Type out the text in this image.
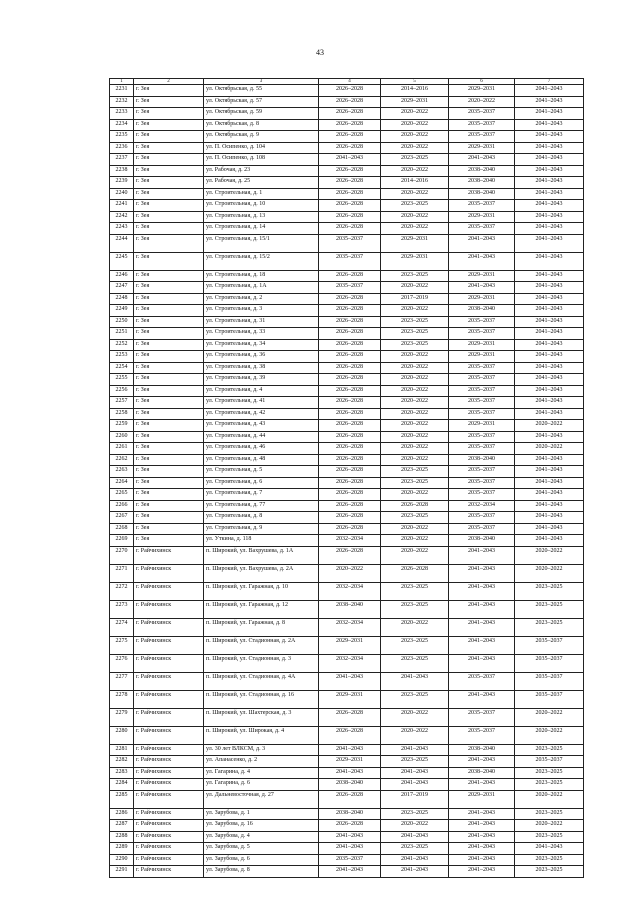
43
1	2	3	4	5	6	7
2231	г. Зея	ул. Октябрьская, д. 55	2026–2028	2014–2016	2029–2031	2041–2043
2232	г. Зея	ул. Октябрьская, д. 57	2026–2028	2029–2031	2020–2022	2041–2043
2233	г. Зея	ул. Октябрьская, д. 59	2026–2028	2020–2022	2035–2037	2041–2043
2234	г. Зея	ул. Октябрьская, д. 8	2026–2028	2020–2022	2035–2037	2041–2043
2235	г. Зея	ул. Октябрьская, д. 9	2026–2028	2020–2022	2035–2037	2041–2043
2236	г. Зея	ул. П. Осипенко, д. 104	2026–2028	2020–2022	2029–2031	2041–2043
2237	г. Зея	ул. П. Осипенко, д. 108	2041–2043	2023–2025	2041–2043	2041–2043
2238	г. Зея	ул. Рабочая, д. 23	2026–2028	2020–2022	2038–2040	2041–2043
2239	г. Зея	ул. Рабочая, д. 25	2026–2028	2014–2016	2038–2040	2041–2043
2240	г. Зея	ул. Строительная, д. 1	2026–2028	2020–2022	2038–2040	2041–2043
2241	г. Зея	ул. Строительная, д. 10	2026–2028	2023–2025	2035–2037	2041–2043
2242	г. Зея	ул. Строительная, д. 13	2026–2028	2020–2022	2029–2031	2041–2043
2243	г. Зея	ул. Строительная, д. 14	2026–2028	2020–2022	2035–2037	2041–2043
2244	г. Зея	ул. Строительная, д. 15/1	2035–2037	2029–2031	2041–2043	2041–2043
2245	г. Зея	ул. Строительная, д. 15/2	2035–2037	2029–2031	2041–2043	2041–2043
2246	г. Зея	ул. Строительная, д. 18	2026–2028	2023–2025	2029–2031	2041–2043
2247	г. Зея	ул. Строительная, д. 1А	2035–2037	2020–2022	2041–2043	2041–2043
2248	г. Зея	ул. Строительная, д. 2	2026–2028	2017–2019	2029–2031	2041–2043
2249	г. Зея	ул. Строительная, д. 3	2026–2028	2020–2022	2038–2040	2041–2043
2250	г. Зея	ул. Строительная, д. 31	2026–2028	2023–2025	2035–2037	2041–2043
2251	г. Зея	ул. Строительная, д. 33	2026–2028	2023–2025	2035–2037	2041–2043
2252	г. Зея	ул. Строительная, д. 34	2026–2028	2023–2025	2029–2031	2041–2043
2253	г. Зея	ул. Строительная, д. 36	2026–2028	2020–2022	2029–2031	2041–2043
2254	г. Зея	ул. Строительная, д. 38	2026–2028	2020–2022	2035–2037	2041–2043
2255	г. Зея	ул. Строительная, д. 39	2026–2028	2020–2022	2035–2037	2041–2043
2256	г. Зея	ул. Строительная, д. 4	2026–2028	2020–2022	2035–2037	2041–2043
2257	г. Зея	ул. Строительная, д. 41	2026–2028	2020–2022	2035–2037	2041–2043
2258	г. Зея	ул. Строительная, д. 42	2026–2028	2020–2022	2035–2037	2041–2043
2259	г. Зея	ул. Строительная, д. 43	2026–2028	2020–2022	2029–2031	2020–2022
2260	г. Зея	ул. Строительная, д. 44	2026–2028	2020–2022	2035–2037	2041–2043
2261	г. Зея	ул. Строительная, д. 46	2026–2028	2020–2022	2035–2037	2020–2022
2262	г. Зея	ул. Строительная, д. 48	2026–2028	2020–2022	2038–2040	2041–2043
2263	г. Зея	ул. Строительная, д. 5	2026–2028	2023–2025	2035–2037	2041–2043
2264	г. Зея	ул. Строительная, д. 6	2026–2028	2023–2025	2035–2037	2041–2043
2265	г. Зея	ул. Строительная, д. 7	2026–2028	2020–2022	2035–2037	2041–2043
2266	г. Зея	ул. Строительная, д. 77	2026–2028	2026–2028	2032–2034	2041–2043
2267	г. Зея	ул. Строительная, д. 8	2026–2028	2023–2025	2035–2037	2041–2043
2268	г. Зея	ул. Строительная, д. 9	2026–2028	2020–2022	2035–2037	2041–2043
2269	г. Зея	ул. Уткина, д. 118	2032–2034	2020–2022	2038–2040	2041–2043
2270	г. Райчихинск	п. Широкий, ул. Вахрушева, д. 1А	2026–2028	2020–2022	2041–2043	2020–2022
2271	г. Райчихинск	п. Широкий, ул. Вахрушева, д. 2А	2020–2022	2026–2028	2041–2043	2020–2022
2272	г. Райчихинск	п. Широкий, ул. Гаражная, д. 10	2032–2034	2023–2025	2041–2043	2023–2025
2273	г. Райчихинск	п. Широкий, ул. Гаражная, д. 12	2038–2040	2023–2025	2041–2043	2023–2025
2274	г. Райчихинск	п. Широкий, ул. Гаражная, д. 8	2032–2034	2020–2022	2041–2043	2023–2025
2275	г. Райчихинск	п. Широкий, ул. Стадионная, д. 2А	2029–2031	2023–2025	2041–2043	2035–2037
2276	г. Райчихинск	п. Широкий, ул. Стадионная, д. 3	2032–2034	2023–2025	2041–2043	2035–2037
2277	г. Райчихинск	п. Широкий, ул. Стадионная, д. 4А	2041–2043	2041–2043	2035–2037	2035–2037
2278	г. Райчихинск	п. Широкий, ул. Стадионная, д. 16	2029–2031	2023–2025	2041–2043	2035–2037
2279	г. Райчихинск	п. Широкий, ул. Шахтерская, д. 3	2026–2028	2020–2022	2035–2037	2020–2022
2280	г. Райчихинск	п. Широкий, ул. Широкая, д. 4	2026–2028	2020–2022	2035–2037	2020–2022
2281	г. Райчихинск	ул. 30 лет ВЛКСМ, д. 3	2041–2043	2041–2043	2038–2040	2023–2025
2282	г. Райчихинск	ул. Апанасенко, д. 2	2029–2031	2023–2025	2041–2043	2035–2037
2283	г. Райчихинск	ул. Гагарина, д. 4	2041–2043	2041–2043	2038–2040	2023–2025
2284	г. Райчихинск	ул. Гагарина, д. 6	2038–2040	2041–2043	2041–2043	2023–2025
2285	г. Райчихинск	ул. Дальневосточная, д. 27	2026–2028	2017–2019	2029–2031	2020–2022
2286	г. Райчихинск	ул. Зарубова, д. 1	2038–2040	2023–2025	2041–2043	2023–2025
2287	г. Райчихинск	ул. Зарубова, д. 16	2026–2028	2020–2022	2041–2043	2020–2022
2288	г. Райчихинск	ул. Зарубова, д. 4	2041–2043	2041–2043	2041–2043	2023–2025
2289	г. Райчихинск	ул. Зарубова, д. 5	2041–2043	2023–2025	2041–2043	2041–2043
2290	г. Райчихинск	ул. Зарубова, д. 6	2035–2037	2041–2043	2041–2043	2023–2025
2291	г. Райчихинск	ул. Зарубова, д. 8	2041–2043	2041–2043	2041–2043	2023–2025
